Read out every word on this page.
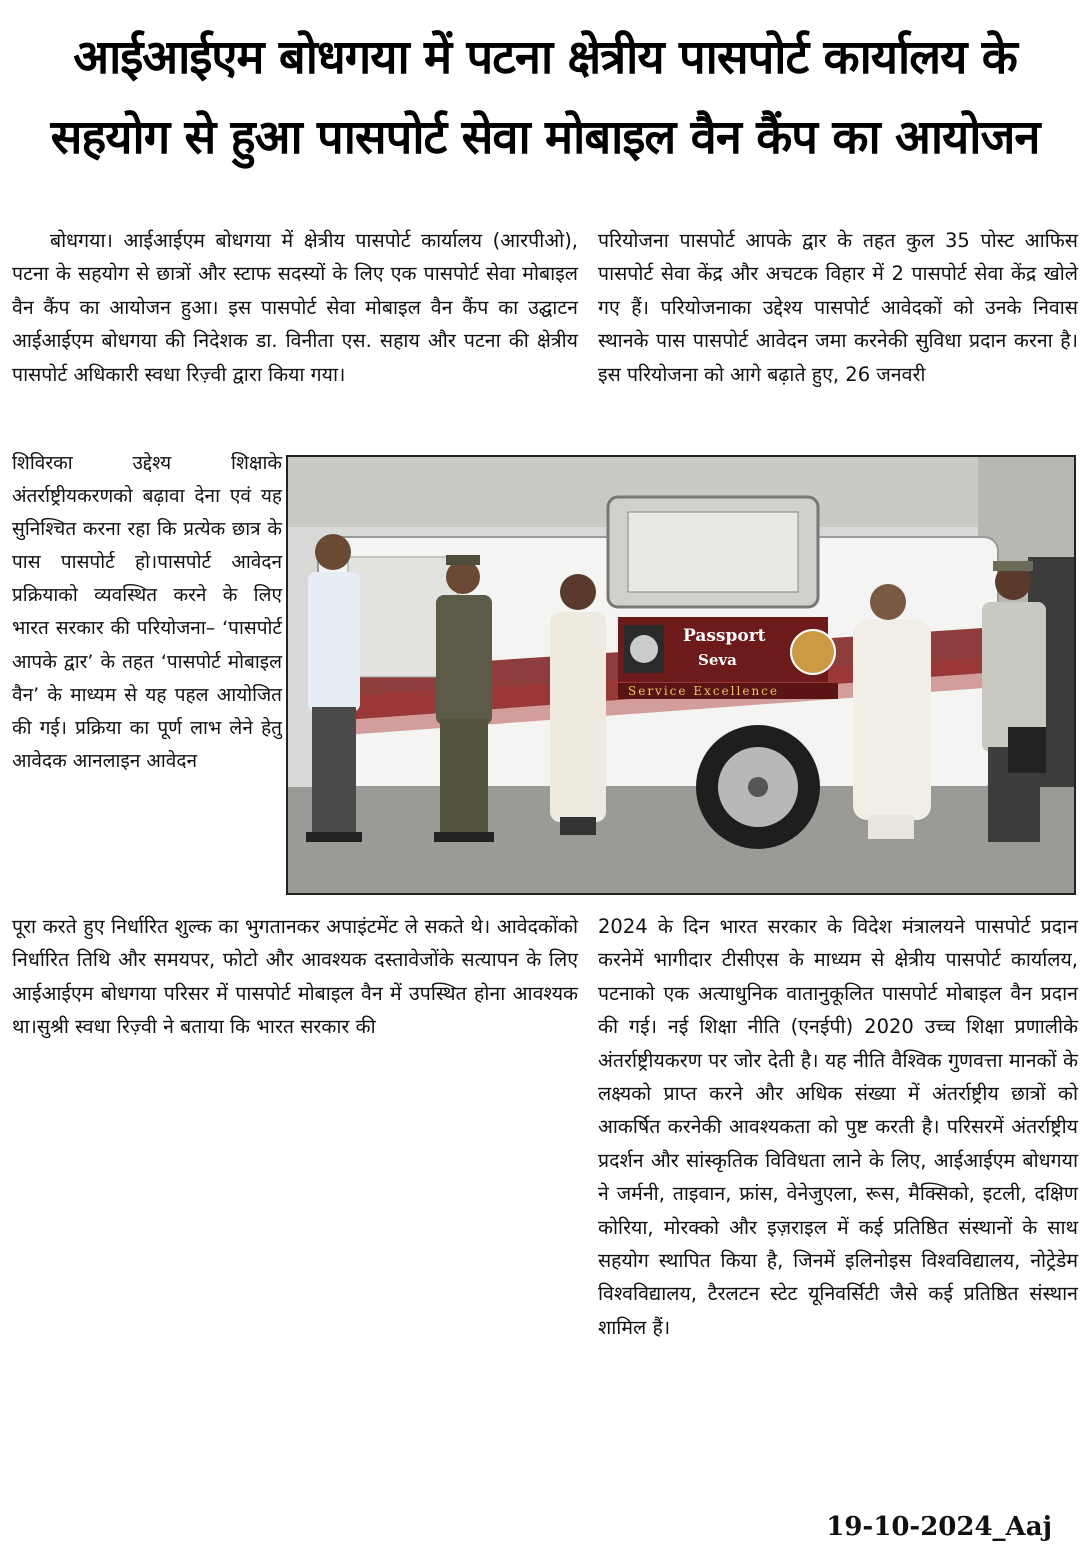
आईआईएम बोधगया में पटना क्षेत्रीय पासपोर्ट कार्यालय के
सहयोग से हुआ पासपोर्ट सेवा मोबाइल वैन कैंप का आयोजन

बोधगया। आईआईएम बोधगया में क्षेत्रीय पासपोर्ट कार्यालय (आरपीओ), पटना के सहयोग से छात्रों और स्टाफ सदस्यों के लिए एक पासपोर्ट सेवा मोबाइल वैन कैंप का आयोजन हुआ। इस पासपोर्ट सेवा मोबाइल वैन कैंप का उद्घाटन आईआईएम बोधगया की निदेशक डा. विनीता एस. सहाय और पटना की क्षेत्रीय पासपोर्ट अधिकारी स्वधा रिज़्वी द्वारा किया गया।

परियोजना पासपोर्ट आपके द्वार के तहत कुल 35 पोस्ट आफिस पासपोर्ट सेवा केंद्र और अचटक विहार में 2 पासपोर्ट सेवा केंद्र खोले गए हैं। परियोजनाका उद्देश्य पासपोर्ट आवेदकों को उनके निवास स्थानके पास पासपोर्ट आवेदन जमा करनेकी सुविधा प्रदान करना है। इस परियोजना को आगे बढ़ाते हुए, 26 जनवरी

शिविरका उद्देश्य शिक्षाके अंतर्राष्ट्रीयकरणको बढ़ावा देना एवं यह सुनिश्चित करना रहा कि प्रत्येक छात्र के पास पासपोर्ट हो।पासपोर्ट आवेदन प्रक्रियाको व्यवस्थित करने के लिए भारत सरकार की परियोजना– ‘पासपोर्ट आपके द्वार’ के तहत ‘पासपोर्ट मोबाइल वैन’ के माध्यम से यह पहल आयोजित की गई। प्रक्रिया का पूर्ण लाभ लेने हेतु आवेदक आनलाइन आवेदन

Passport
Seva
Service Excellence

पूरा करते हुए निर्धारित शुल्क का भुगतानकर अपाइंटमेंट ले सकते थे। आवेदकोंको निर्धारित तिथि और समयपर, फोटो और आवश्यक दस्तावेजोंके सत्यापन के लिए आईआईएम बोधगया परिसर में पासपोर्ट मोबाइल वैन में उपस्थित होना आवश्यक था।सुश्री स्वधा रिज़्वी ने बताया कि भारत सरकार की

2024 के दिन भारत सरकार के विदेश मंत्रालयने पासपोर्ट प्रदान करनेमें भागीदार टीसीएस के माध्यम से क्षेत्रीय पासपोर्ट कार्यालय, पटनाको एक अत्याधुनिक वातानुकूलित पासपोर्ट मोबाइल वैन प्रदान की गई। नई शिक्षा नीति (एनईपी) 2020 उच्च शिक्षा प्रणालीके अंतर्राष्ट्रीयकरण पर जोर देती है। यह नीति वैश्विक गुणवत्ता मानकों के लक्ष्यको प्राप्त करने और अधिक संख्या में अंतर्राष्ट्रीय छात्रों को आकर्षित करनेकी आवश्यकता को पुष्ट करती है। परिसरमें अंतर्राष्ट्रीय प्रदर्शन और सांस्कृतिक विविधता लाने के लिए, आईआईएम बोधगया ने जर्मनी, ताइवान, फ्रांस, वेनेजुएला, रूस, मैक्सिको, इटली, दक्षिण कोरिया, मोरक्को और इज़राइल में कई प्रतिष्ठित संस्थानों के साथ सहयोग स्थापित किया है, जिनमें इलिनोइस विश्वविद्यालय, नोट्रेडेम विश्वविद्यालय, टैरलटन स्टेट यूनिवर्सिटी जैसे कई प्रतिष्ठित संस्थान शामिल हैं।

19-10-2024_Aaj
